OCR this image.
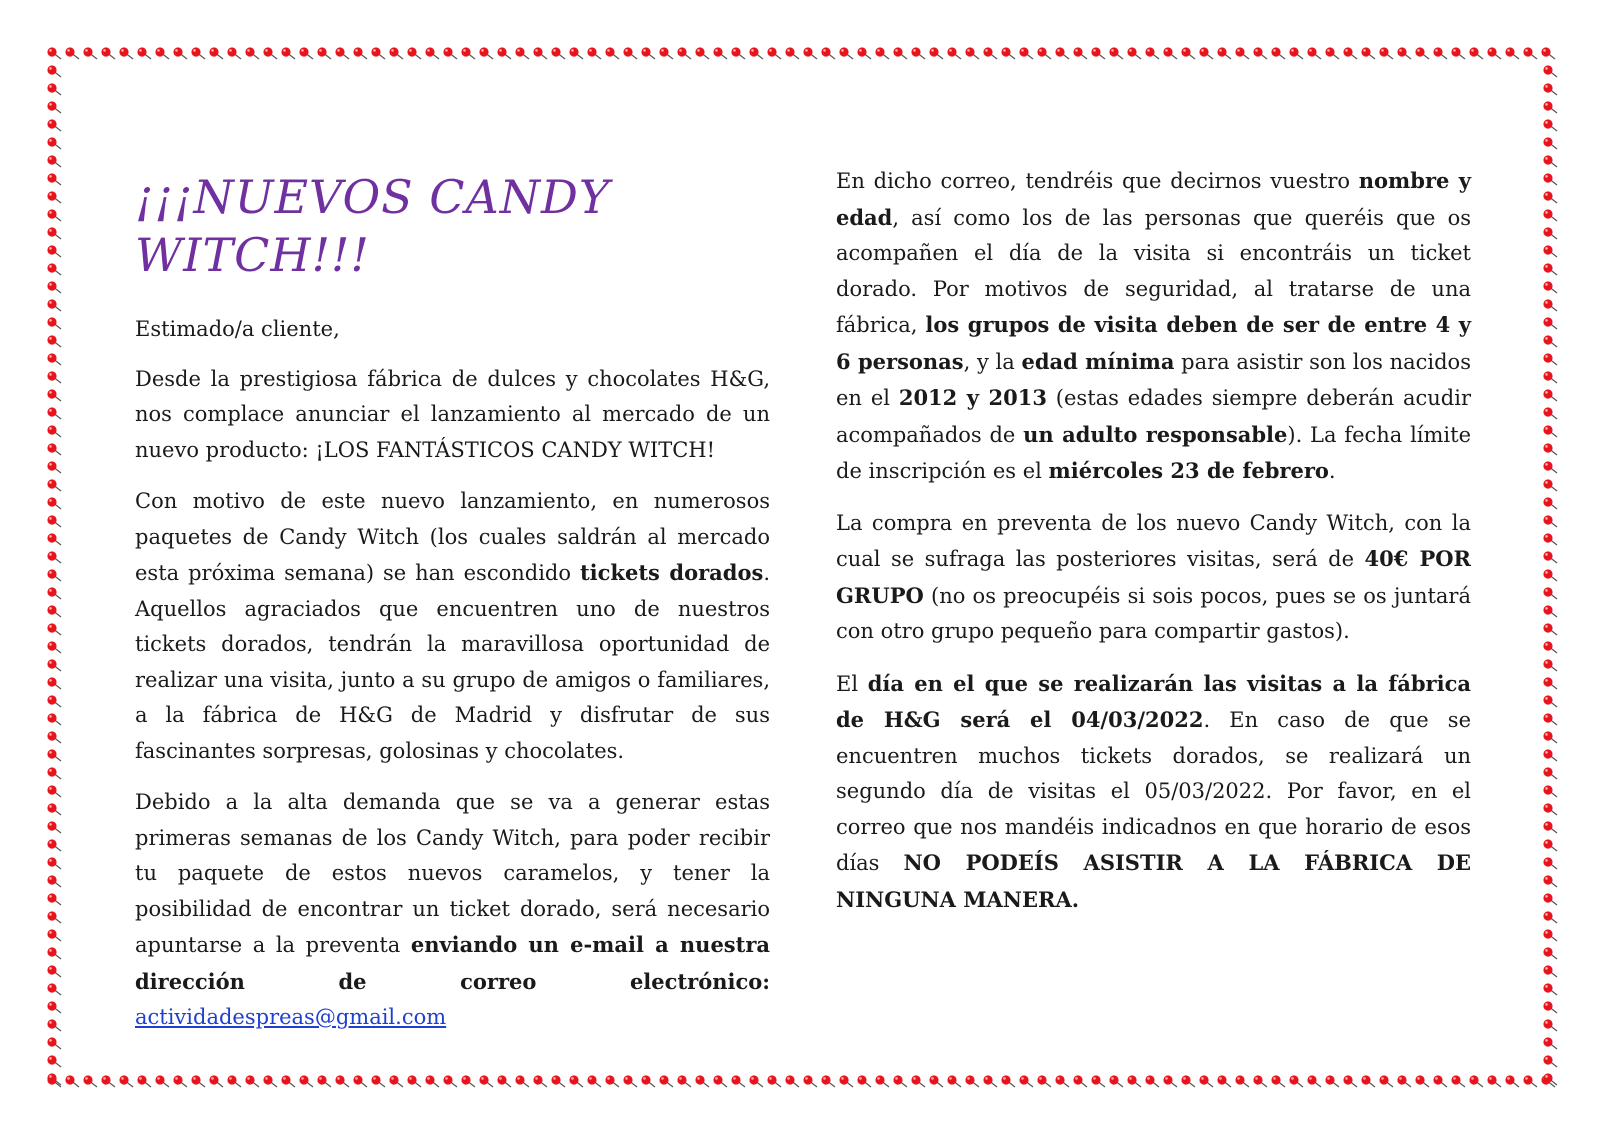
¡¡¡NUEVOS CANDY WITCH!!!

Estimado/a cliente,

Desde la prestigiosa fábrica de dulces y chocolates H&G, nos complace anunciar el lanzamiento al mercado de un nuevo producto: ¡LOS FANTÁSTICOS CANDY WITCH!

Con motivo de este nuevo lanzamiento, en numerosos paquetes de Candy Witch (los cuales saldrán al mercado esta próxima semana) se han escondido tickets dorados. Aquellos agraciados que encuentren uno de nuestros tickets dorados, tendrán la maravillosa oportunidad de realizar una visita, junto a su grupo de amigos o familiares, a la fábrica de H&G de Madrid y disfrutar de sus fascinantes sorpresas, golosinas y chocolates.

Debido a la alta demanda que se va a generar estas primeras semanas de los Candy Witch, para poder recibir tu paquete de estos nuevos caramelos, y tener la posibilidad de encontrar un ticket dorado, será necesario apuntarse a la preventa enviando un e-mail a nuestra dirección de correo electrónico: actividadespreas@gmail.com

En dicho correo, tendréis que decirnos vuestro nombre y edad, así como los de las personas que queréis que os acompañen el día de la visita si encontráis un ticket dorado. Por motivos de seguridad, al tratarse de una fábrica, los grupos de visita deben de ser de entre 4 y 6 personas, y la edad mínima para asistir son los nacidos en el 2012 y 2013 (estas edades siempre deberán acudir acompañados de un adulto responsable). La fecha límite de inscripción es el miércoles 23 de febrero.

La compra en preventa de los nuevo Candy Witch, con la cual se sufraga las posteriores visitas, será de 40€ POR GRUPO (no os preocupéis si sois pocos, pues se os juntará con otro grupo pequeño para compartir gastos).

El día en el que se realizarán las visitas a la fábrica de H&G será el 04/03/2022. En caso de que se encuentren muchos tickets dorados, se realizará un segundo día de visitas el 05/03/2022. Por favor, en el correo que nos mandéis indicadnos en que horario de esos días NO PODEÍS ASISTIR A LA FÁBRICA DE NINGUNA MANERA.
